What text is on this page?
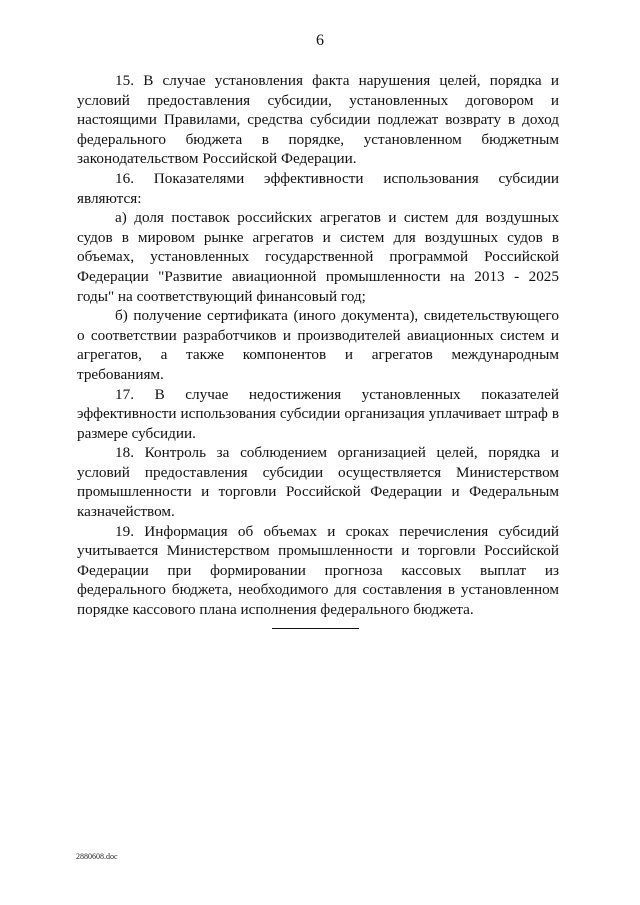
6

15. В случае установления факта нарушения целей, порядка и условий предоставления субсидии, установленных договором и настоящими Правилами, средства субсидии подлежат возврату в доход федерального бюджета в порядке, установленном бюджетным законодательством Российской Федерации.

16. Показателями эффективности использования субсидии являются:

а) доля поставок российских агрегатов и систем для воздушных судов в мировом рынке агрегатов и систем для воздушных судов в объемах, установленных государственной программой Российской Федерации "Развитие авиационной промышленности на 2013 - 2025 годы" на соответствующий финансовый год;

б) получение сертификата (иного документа), свидетельствующего о соответствии разработчиков и производителей авиационных систем и агрегатов, а также компонентов и агрегатов международным требованиям.

17. В случае недостижения установленных показателей эффективности использования субсидии организация уплачивает штраф в размере субсидии.

18. Контроль за соблюдением организацией целей, порядка и условий предоставления субсидии осуществляется Министерством промышленности и торговли Российской Федерации и Федеральным казначейством.

19. Информация об объемах и сроках перечисления субсидий учитывается Министерством промышленности и торговли Российской Федерации при формировании прогноза кассовых выплат из федерального бюджета, необходимого для составления в установленном порядке кассового плана исполнения федерального бюджета.

2880608.doc
